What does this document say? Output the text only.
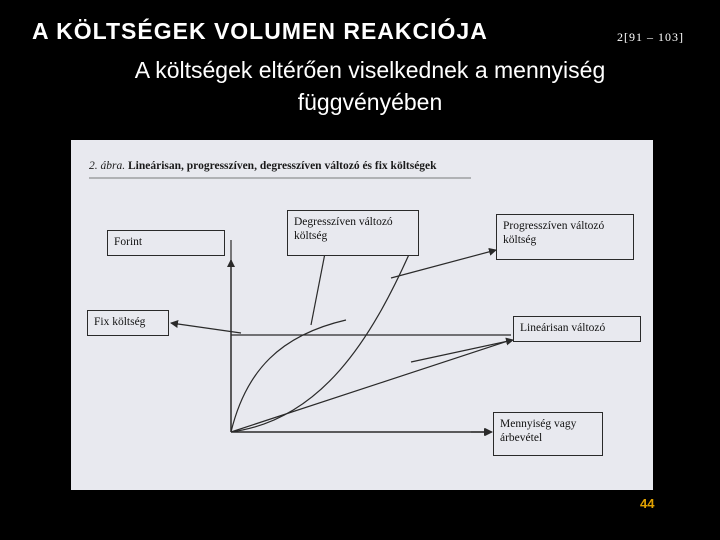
A KÖLTSÉGEK VOLUMEN REAKCIÓJA	2[91 – 103]
A költségek eltérően viselkednek a mennyiség függvényében
2. ábra. Lineárisan, progresszíven, degresszíven változó és fix költségek
Forint
Degresszíven változó költség
Progresszíven változó költség
Fix költség	Lineárisan változó
Mennyiség vagy árbevétel
44
